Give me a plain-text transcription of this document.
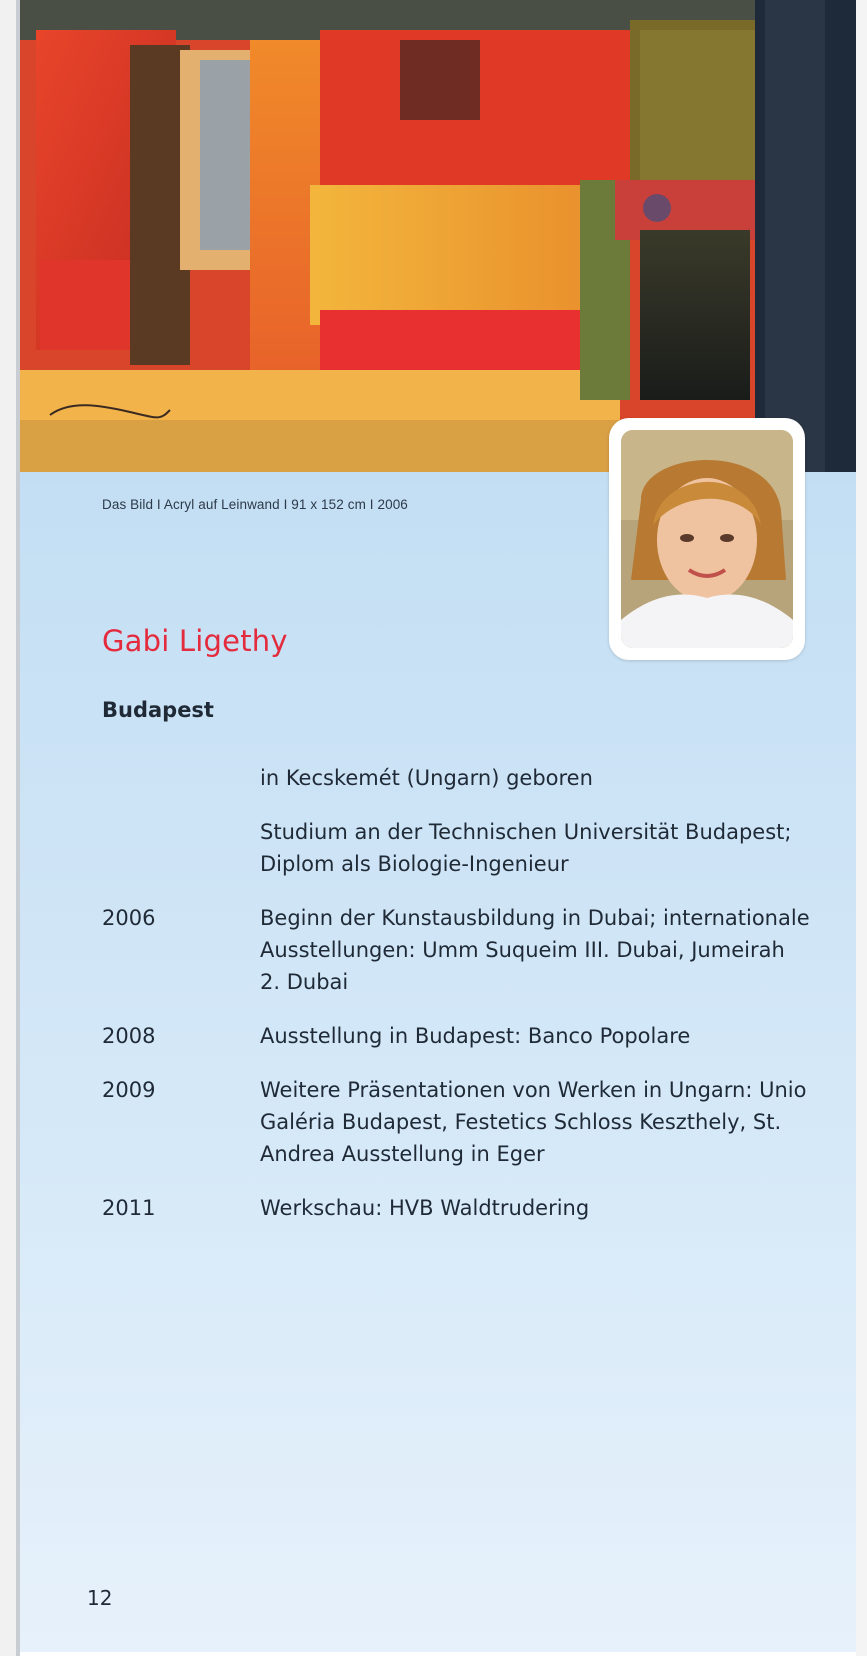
Das Bild I Acryl auf Leinwand I 91 x 152 cm I 2006
Gabi Ligethy
Budapest
in Kecskemét (Ungarn) geboren
Studium an der Technischen Universität Budapest; Diplom als Biologie-Ingenieur
2006	Beginn der Kunstausbildung in Dubai; internationale Ausstellungen: Umm Suqueim III. Dubai, Jumeirah 2. Dubai
2008	Ausstellung in Budapest: Banco Popolare
2009	Weitere Präsentationen von Werken in Ungarn: Unio Galéria Budapest, Festetics Schloss Keszthely, St. Andrea Ausstellung in Eger
2011	Werkschau: HVB Waldtrudering
12
